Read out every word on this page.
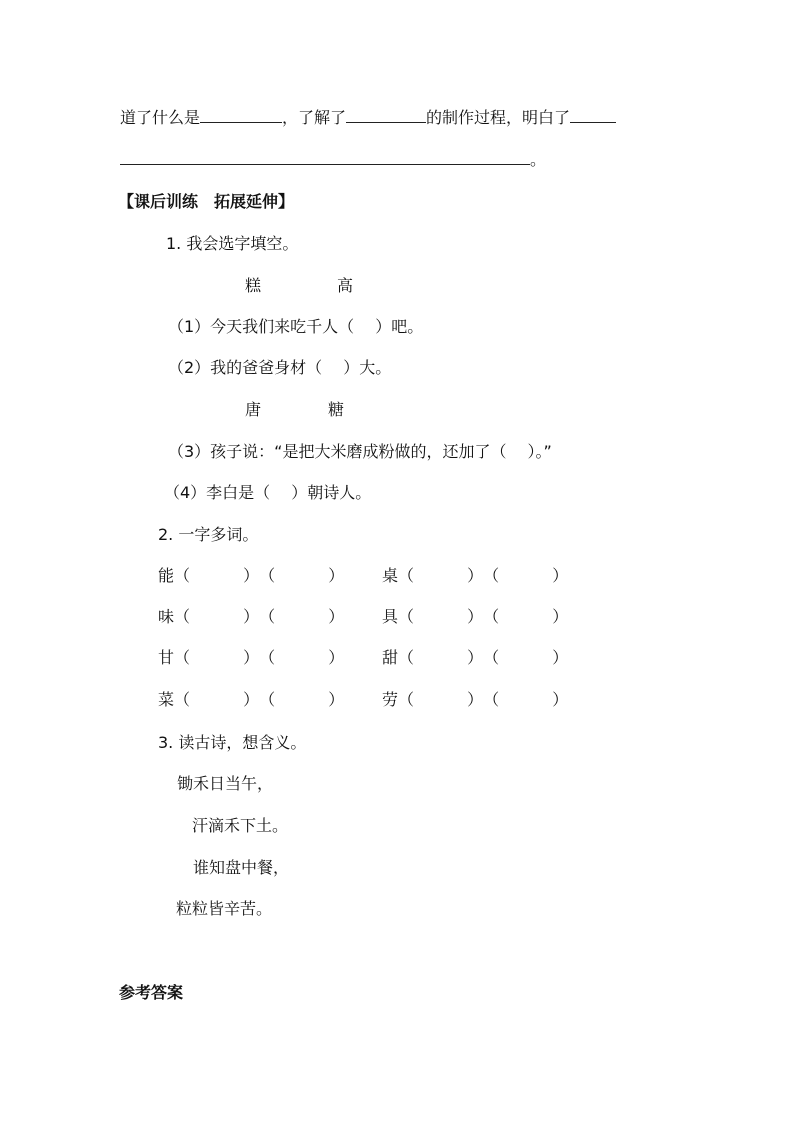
道了什么是	，了解了	的制作过程，明白了
。
【课后训练　拓展延伸】
1. 我会选字填空。
糕	高
（1）今天我们来吃千人（　 ）吧。
（2）我的爸爸身材（　 ）大。
唐	糖
（3）孩子说：“是把大米磨成粉做的，还加了（　 ）。”
（4）李白是（　 ）朝诗人。
2. 一字多词。
能（　　　 ）（　　　 ） 桌（　　　 ）（　　　 ）
味（　　　 ）（　　　 ） 具（　　　 ）（　　　 ）
甘（　　　 ）（　　　 ） 甜（　　　 ）（　　　 ）
菜（　　　 ）（　　　 ） 劳（　　　 ）（　　　 ）
3. 读古诗，想含义。
锄禾日当午，
汗滴禾下土。
谁知盘中餐，
粒粒皆辛苦。
参考答案
